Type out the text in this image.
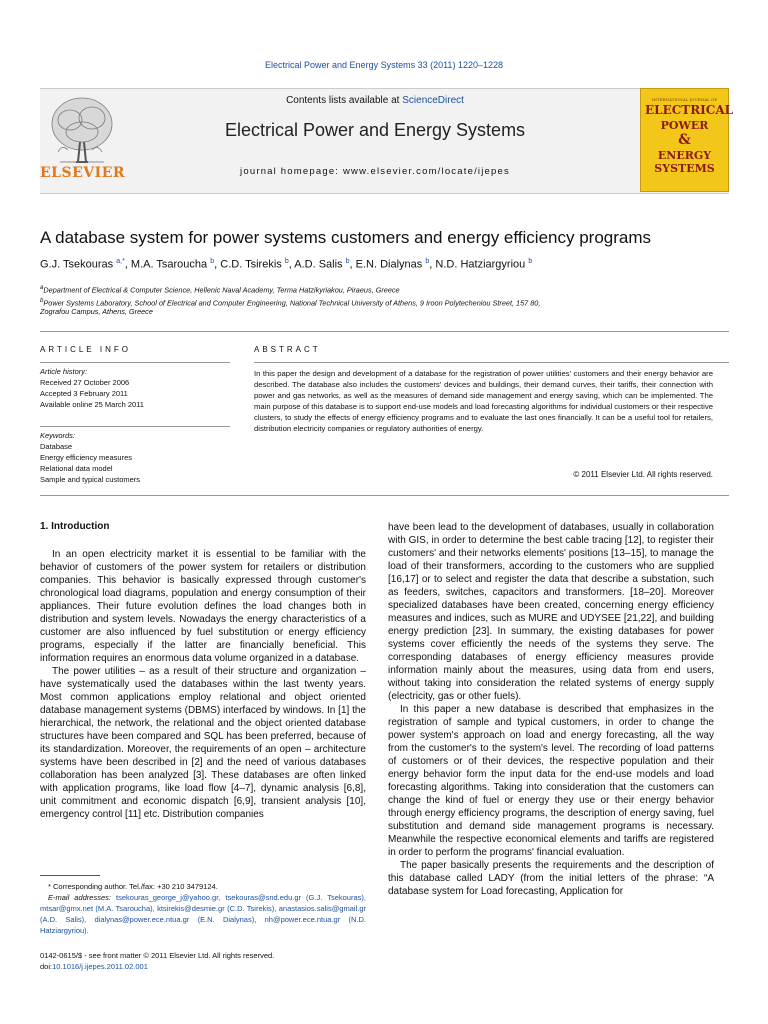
Electrical Power and Energy Systems 33 (2011) 1220–1228
ELSEVIER
Contents lists available at ScienceDirect
Electrical Power and Energy Systems
journal homepage: www.elsevier.com/locate/ijepes
INTERNATIONAL JOURNAL OF
ELECTRICAL
POWER
&
ENERGY
SYSTEMS
A database system for power systems customers and energy efficiency programs
G.J. Tsekouras $^{a,*}$, M.A. Tsaroucha $^b$, C.D. Tsirekis $^b$, A.D. Salis $^b$, E.N. Dialynas $^b$, N.D. Hatziargyriou $^b$
$^a$Department of Electrical & Computer Science, Hellenic Naval Academy, Terma Hatzikyriakou, Piraeus, Greece
$^b$Power Systems Laboratory, School of Electrical and Computer Engineering, National Technical University of Athens, 9 Iroon Polytecheniou Street, 157 80,
Zografou Campus, Athens, Greece
ARTICLE INFO	ABSTRACT
Article history:
Received 27 October 2006
Accepted 3 February 2011
Available online 25 March 2011
Keywords:
Database
Energy efficiency measures
Relational data model
Sample and typical customers
In this paper the design and development of a database for the registration of power utilities' customers and their energy behavior are described. The database also includes the customers' devices and buildings, their demand curves, their tariffs, their connection with power and gas networks, as well as the measures of demand side management and energy saving, which can be implemented. The main purpose of this database is to support end-use models and load forecasting algorithms for individual customers or their respective clusters, to study the effects of energy efficiency programs and to evaluate the last ones financially. It can be a useful tool for retailers, distribution electricity companies or regulatory authorities of energy.
© 2011 Elsevier Ltd. All rights reserved.
1. Introduction

In an open electricity market it is essential to be familiar with the behavior of customers of the power system for retailers or distribution companies. This behavior is basically expressed through customer's chronological load diagrams, population and energy consumption of their appliances. Their future evolution defines the load changes both in distribution and system levels. Nowadays the energy characteristics of a customer are also influenced by fuel substitution or energy efficiency programs, especially if the latter are financially beneficial. This information requires an enormous data volume organized in a database.

The power utilities – as a result of their structure and organization – have systematically used the databases within the last twenty years. Most common applications employ relational and object oriented database management systems (DBMS) interfaced by windows. In [1] the hierarchical, the network, the relational and the object oriented database structures have been compared and SQL has been preferred, because of its standardization. Moreover, the requirements of an open – architecture systems have been described in [2] and the need of various databases collaboration has been analyzed [3]. These databases are often linked with application programs, like load flow [4–7], dynamic analysis [6,8], unit commitment and economic dispatch [6,9], transient analysis [10], emergency control [11] etc. Distribution companies

have been lead to the development of databases, usually in collaboration with GIS, in order to determine the best cable tracing [12], to register their customers' and their networks elements' positions [13–15], to manage the load of their transformers, according to the customers who are supplied [16,17] or to select and register the data that describe a substation, such as feeders, switches, capacitors and transformers. [18–20]. Moreover specialized databases have been created, concerning energy efficiency measures and indices, such as MURE and UDYSEE [21,22], and building energy prediction [23]. In summary, the existing databases for power systems cover efficiently the needs of the systems they serve. The corresponding databases of energy efficiency measures provide information mainly about the measures, using data from end users, without taking into consideration the related systems of energy supply (electricity, gas or other fuels).

In this paper a new database is described that emphasizes in the registration of sample and typical customers, in order to change the power system's approach on load and energy forecasting, all the way from the customer's to the system's level. The recording of load patterns of customers or of their devices, the respective population and their energy behavior form the input data for the end-use models and load forecasting algorithms. Taking into consideration that the customers can change the kind of fuel or energy they use or their energy behavior through energy efficiency programs, the description of energy saving, fuel substitution and demand side management programs is necessary. Meanwhile the respective economical elements and tariffs are registered in order to perform the programs' financial evaluation.

The paper basically presents the requirements and the description of this database called LADY (from the initial letters of the phrase: “A database system for Load forecasting, Application for

* Corresponding author. Tel./fax: +30 210 3479124.
E-mail addresses: tsekouras_george_j@yahoo.gr, tsekouras@snd.edu.gr (G.J. Tsekouras), mtsar@gmx.net (M.A. Tsaroucha), ktsirekis@desmie.gr (C.D. Tsirekis), anastasios.salis@gmail.gr (A.D. Salis), dialynas@power.ece.ntua.gr (E.N. Dialynas), nh@power.ece.ntua.gr (N.D. Hatziargyriou).
0142-0615/$ - see front matter © 2011 Elsevier Ltd. All rights reserved.
doi:10.1016/j.ijepes.2011.02.001
